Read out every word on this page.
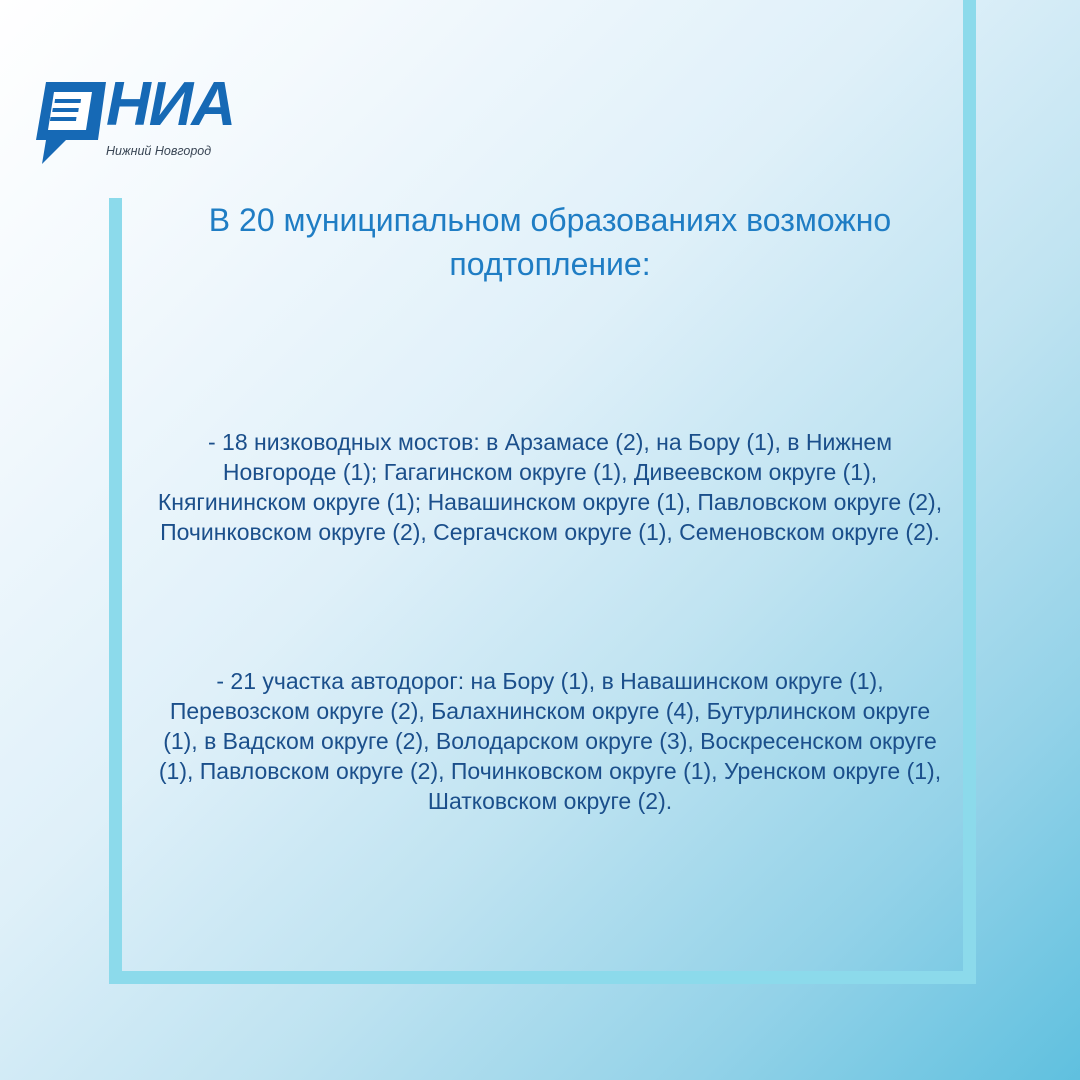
НИА
Нижний Новгород
В 20 муниципальном образованиях возможно подтопление:

- 18 низководных мостов: в Арзамасе (2), на Бору (1), в Нижнем Новгороде (1); Гагагинском округе (1), Дивеевском округе (1), Княгининском округе (1); Навашинском округе (1), Павловском округе (2), Починковском округе (2), Сергачском округе (1), Семеновском округе (2).

- 21 участка автодорог: на Бору (1), в Навашинском округе (1), Перевозском округе (2), Балахнинском округе (4), Бутурлинском округе (1), в Вадском округе (2), Володарском округе (3), Воскресенском округе (1), Павловском округе (2), Починковском округе (1), Уренском округе (1), Шатковском округе (2).
